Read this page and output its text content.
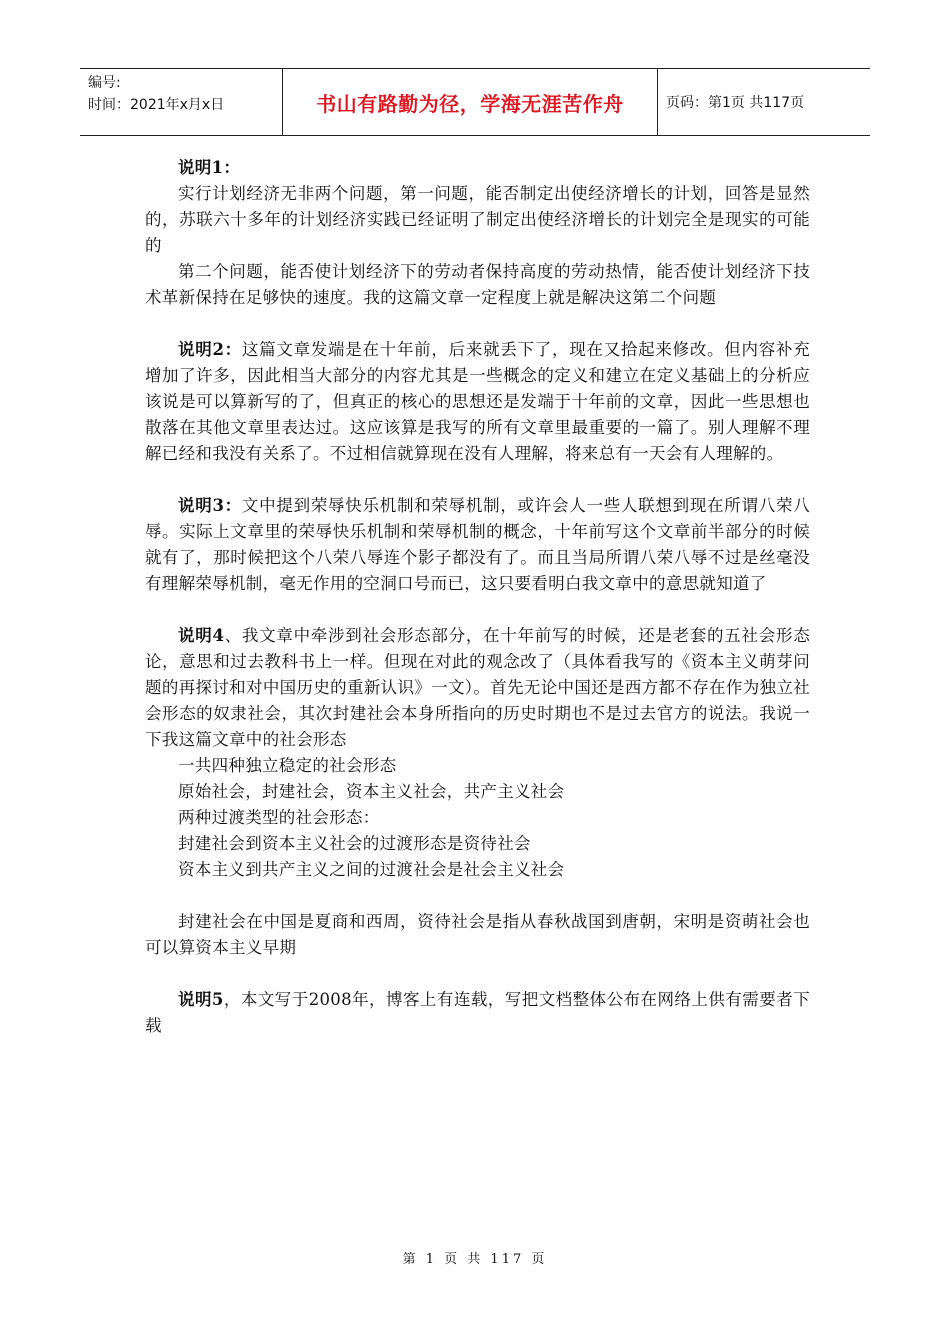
编号:
时间：2021年x月x日	书山有路勤为径，学海无涯苦作舟	页码：第1页 共117页

说明1：

实行计划经济无非两个问题，第一问题，能否制定出使经济增长的计划，回答是显然的，苏联六十多年的计划经济实践已经证明了制定出使经济增长的计划完全是现实的可能的

第二个问题，能否使计划经济下的劳动者保持高度的劳动热情，能否使计划经济下技术革新保持在足够快的速度。我的这篇文章一定程度上就是解决这第二个问题

说明2：这篇文章发端是在十年前，后来就丢下了，现在又拾起来修改。但内容补充增加了许多，因此相当大部分的内容尤其是一些概念的定义和建立在定义基础上的分析应该说是可以算新写的了，但真正的核心的思想还是发端于十年前的文章，因此一些思想也散落在其他文章里表达过。这应该算是我写的所有文章里最重要的一篇了。别人理解不理解已经和我没有关系了。不过相信就算现在没有人理解，将来总有一天会有人理解的。

说明3：文中提到荣辱快乐机制和荣辱机制，或许会人一些人联想到现在所谓八荣八辱。实际上文章里的荣辱快乐机制和荣辱机制的概念，十年前写这个文章前半部分的时候就有了，那时候把这个八荣八辱连个影子都没有了。而且当局所谓八荣八辱不过是丝毫没有理解荣辱机制，毫无作用的空洞口号而已，这只要看明白我文章中的意思就知道了

说明4、我文章中牵涉到社会形态部分，在十年前写的时候，还是老套的五社会形态论，意思和过去教科书上一样。但现在对此的观念改了（具体看我写的《资本主义萌芽问题的再探讨和对中国历史的重新认识》一文）。首先无论中国还是西方都不存在作为独立社会形态的奴隶社会，其次封建社会本身所指向的历史时期也不是过去官方的说法。我说一下我这篇文章中的社会形态

一共四种独立稳定的社会形态

原始社会，封建社会，资本主义社会，共产主义社会

两种过渡类型的社会形态：

封建社会到资本主义社会的过渡形态是资待社会

资本主义到共产主义之间的过渡社会是社会主义社会

封建社会在中国是夏商和西周，资待社会是指从春秋战国到唐朝，宋明是资萌社会也可以算资本主义早期

说明5，本文写于2008年，博客上有连载，写把文档整体公布在网络上供有需要者下载

第 1 页 共 117 页
